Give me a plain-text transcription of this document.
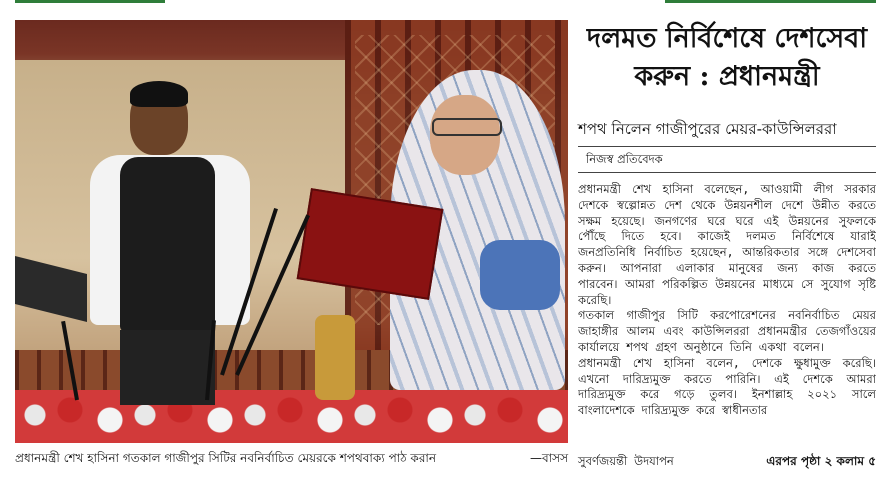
প্রধানমন্ত্রী শেখ হাসিনা গতকাল গাজীপুর সিটির নবনির্বাচিত মেয়রকে শপথবাক্য পাঠ করান	—বাসস
দলমত নির্বিশেষে দেশসেবা
করুন : প্রধানমন্ত্রী
শপথ নিলেন গাজীপুরের মেয়র-কাউন্সিলররা
নিজস্ব প্রতিবেদক

প্রধানমন্ত্রী শেখ হাসিনা বলেছেন, আওয়ামী লীগ সরকার দেশকে স্বল্পোন্নত দেশ থেকে উন্নয়নশীল দেশে উন্নীত করতে সক্ষম হয়েছে। জনগণের ঘরে ঘরে এই উন্নয়নের সুফলকে পৌঁছে দিতে হবে। কাজেই দলমত নির্বিশেষে যারাই জনপ্রতিনিধি নির্বাচিত হয়েছেন, আন্তরিকতার সঙ্গে দেশসেবা করুন। আপনারা এলাকার মানুষের জন্য কাজ করতে পারবেন। আমরা পরিকল্পিত উন্নয়নের মাধ্যমে সে সুযোগ সৃষ্টি করেছি।

গতকাল গাজীপুর সিটি করপোরেশনের নবনির্বাচিত মেয়র জাহাঙ্গীর আলম এবং কাউন্সিলররা প্রধানমন্ত্রীর তেজগাঁওয়ের কার্যালয়ে শপথ গ্রহণ অনুষ্ঠানে তিনি একথা বলেন।

প্রধানমন্ত্রী শেখ হাসিনা বলেন, দেশকে ক্ষুধামুক্ত করেছি। এখনো দারিদ্র্যমুক্ত করতে পারিনি। এই দেশকে আমরা দারিদ্র্যমুক্ত করে গড়ে তুলব। ইনশাল্লাহ ২০২১ সালে বাংলাদেশকে দারিদ্র্যমুক্ত করে স্বাধীনতার

সুবর্ণজয়ন্তী উদযাপন	এরপর পৃষ্ঠা ২ কলাম ৫
